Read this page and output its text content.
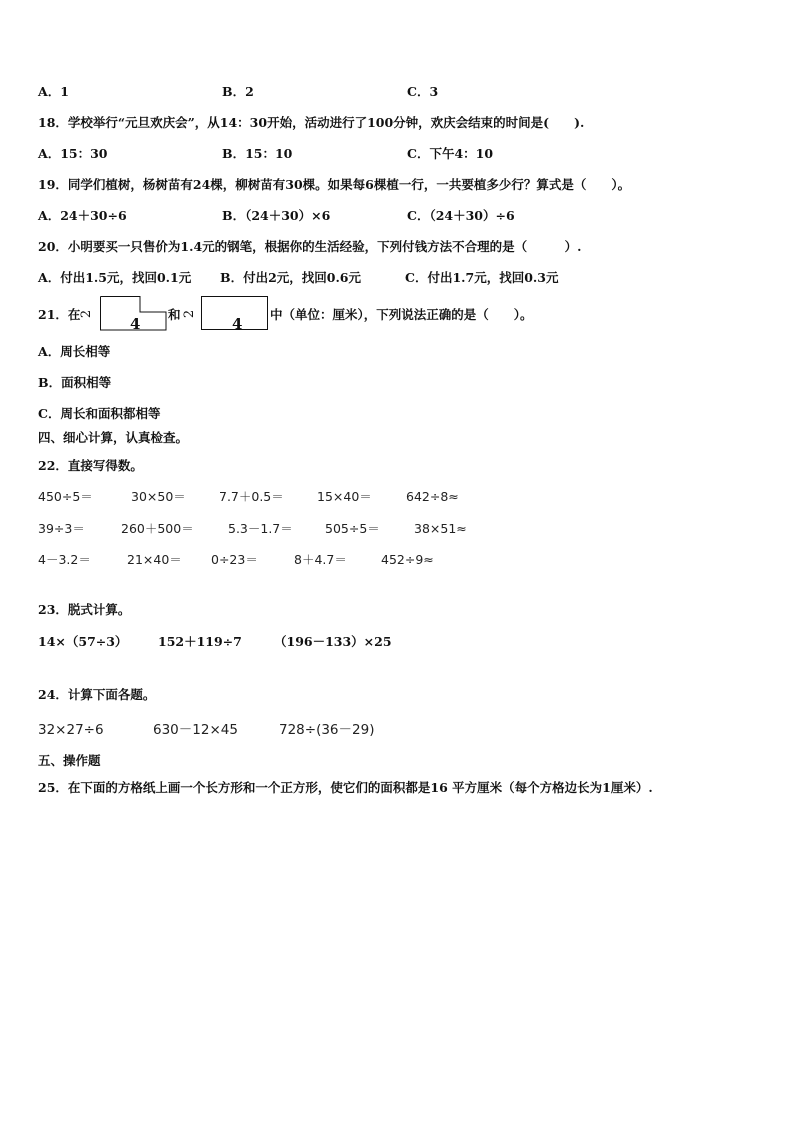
A．1	B．2	C．3
18．学校举行“元旦欢庆会”，从14：30开始，活动进行了100分钟，欢庆会结束的时间是(　　).
A．15：30	B．15：10	C．下午4：10
19．同学们植树，杨树苗有24棵，柳树苗有30棵。如果每6棵植一行，一共要植多少行？算式是（　　）。
A．24＋30÷6	B．（24＋30）×6	C．（24＋30）÷6
20．小明要买一只售价为1.4元的钢笔，根据你的生活经验，下列付钱方法不合理的是（　　　）.
A．付出1.5元，找回0.1元 B．付出2元，找回0.6元	C．付出1.7元，找回0.3元
21．在
2
4
和 2
4
中（单位：厘米），下列说法正确的是（　　）。
A．周长相等
B．面积相等
C．周长和面积都相等
四、细心计算，认真检查。
22．直接写得数。
450÷5＝	30×50＝	7.7＋0.5＝	15×40＝	642÷8≈
39÷3＝	260＋500＝	5.3－1.7＝	505÷5＝	38×51≈
4－3.2＝	21×40＝ 0÷23＝	8＋4.7＝	452÷9≈
23．脱式计算。
14×（57÷3） 152＋119÷7	（196－133）×25
24．计算下面各题。
32×27÷6	630－12×45	728÷(36－29)
五、操作题
25．在下面的方格纸上画一个长方形和一个正方形，使它们的面积都是16 平方厘米（每个方格边长为1厘米）.
